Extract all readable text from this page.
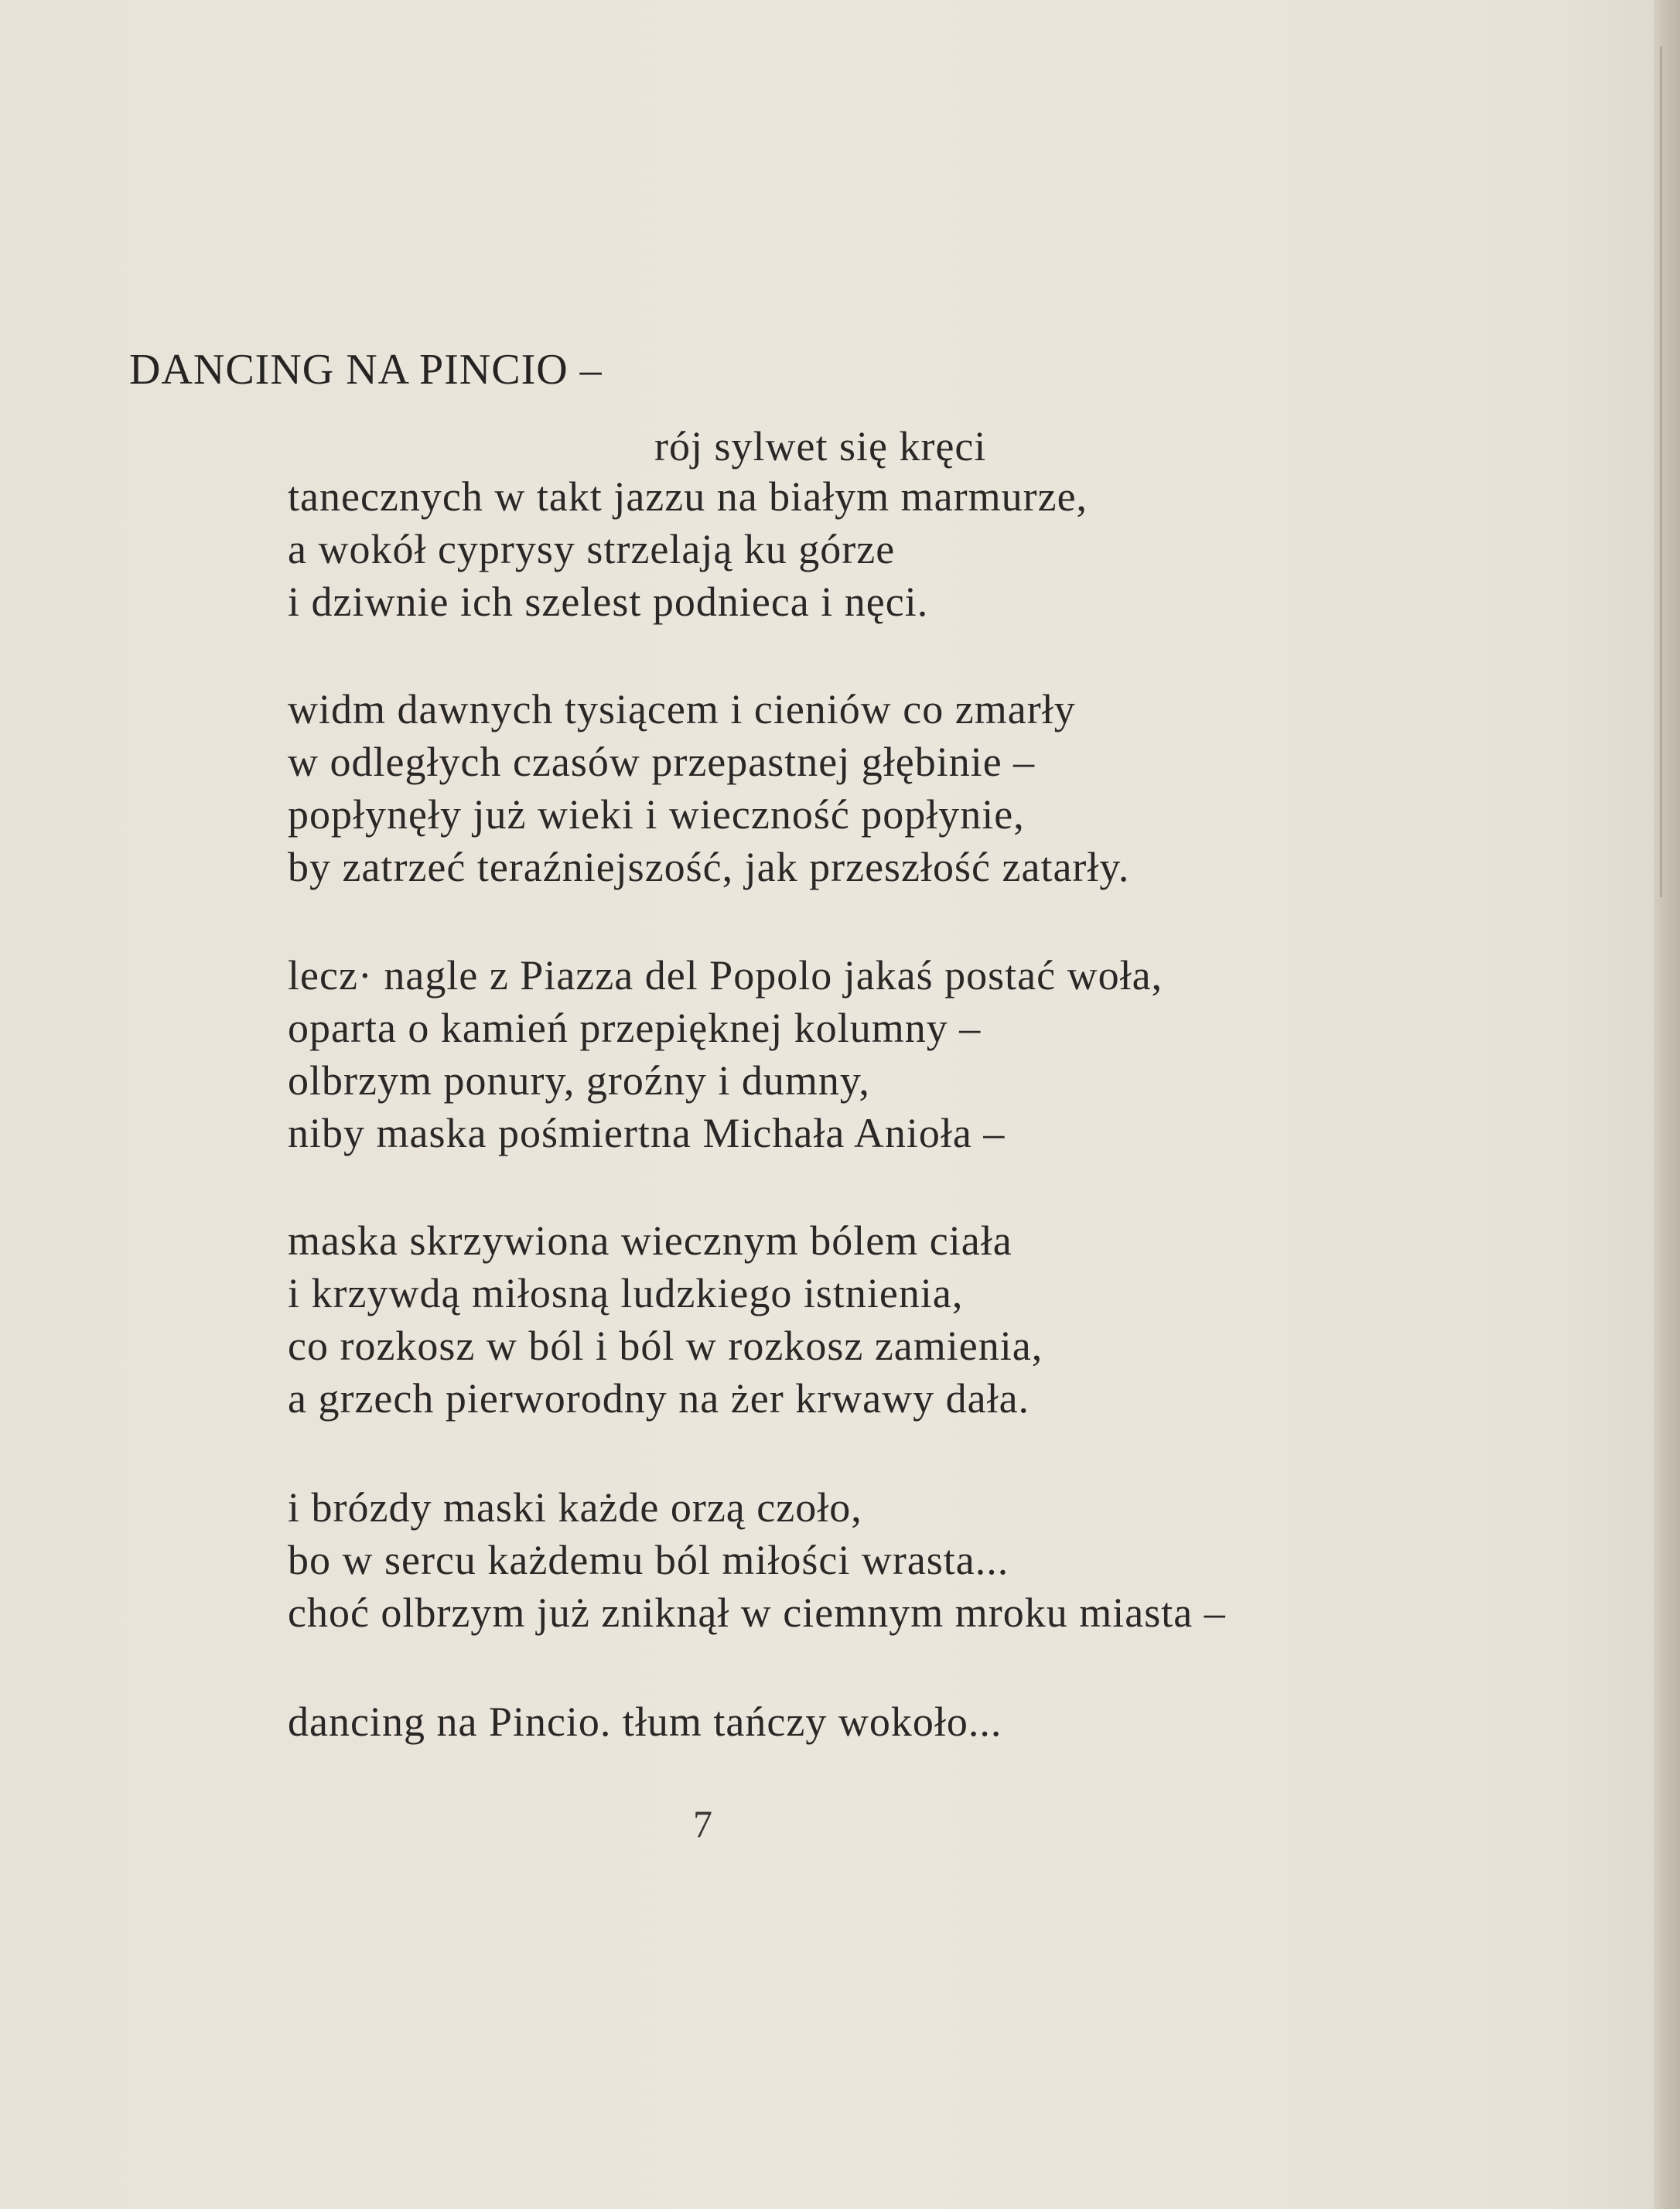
DANCING NA PINCIO –
rój sylwet się kręci
tanecznych w takt jazzu na białym marmurze,
a wokół cyprysy strzelają ku górze
i dziwnie ich szelest podnieca i nęci.
widm dawnych tysiącem i cieniów co zmarły
w odległych czasów przepastnej głębinie –
popłynęły już wieki i wieczność popłynie,
by zatrzeć teraźniejszość, jak przeszłość zatarły.
lecz· nagle z Piazza del Popolo jakaś postać woła,
oparta o kamień przepięknej kolumny –
olbrzym ponury, groźny i dumny,
niby maska pośmiertna Michała Anioła –
maska skrzywiona wiecznym bólem ciała
i krzywdą miłosną ludzkiego istnienia,
co rozkosz w ból i ból w rozkosz zamienia,
a grzech pierworodny na żer krwawy dała.
i brózdy maski każde orzą czoło,
bo w sercu każdemu ból miłości wrasta...
choć olbrzym już zniknął w ciemnym mroku miasta –
dancing na Pincio. tłum tańczy wokoło...
7
